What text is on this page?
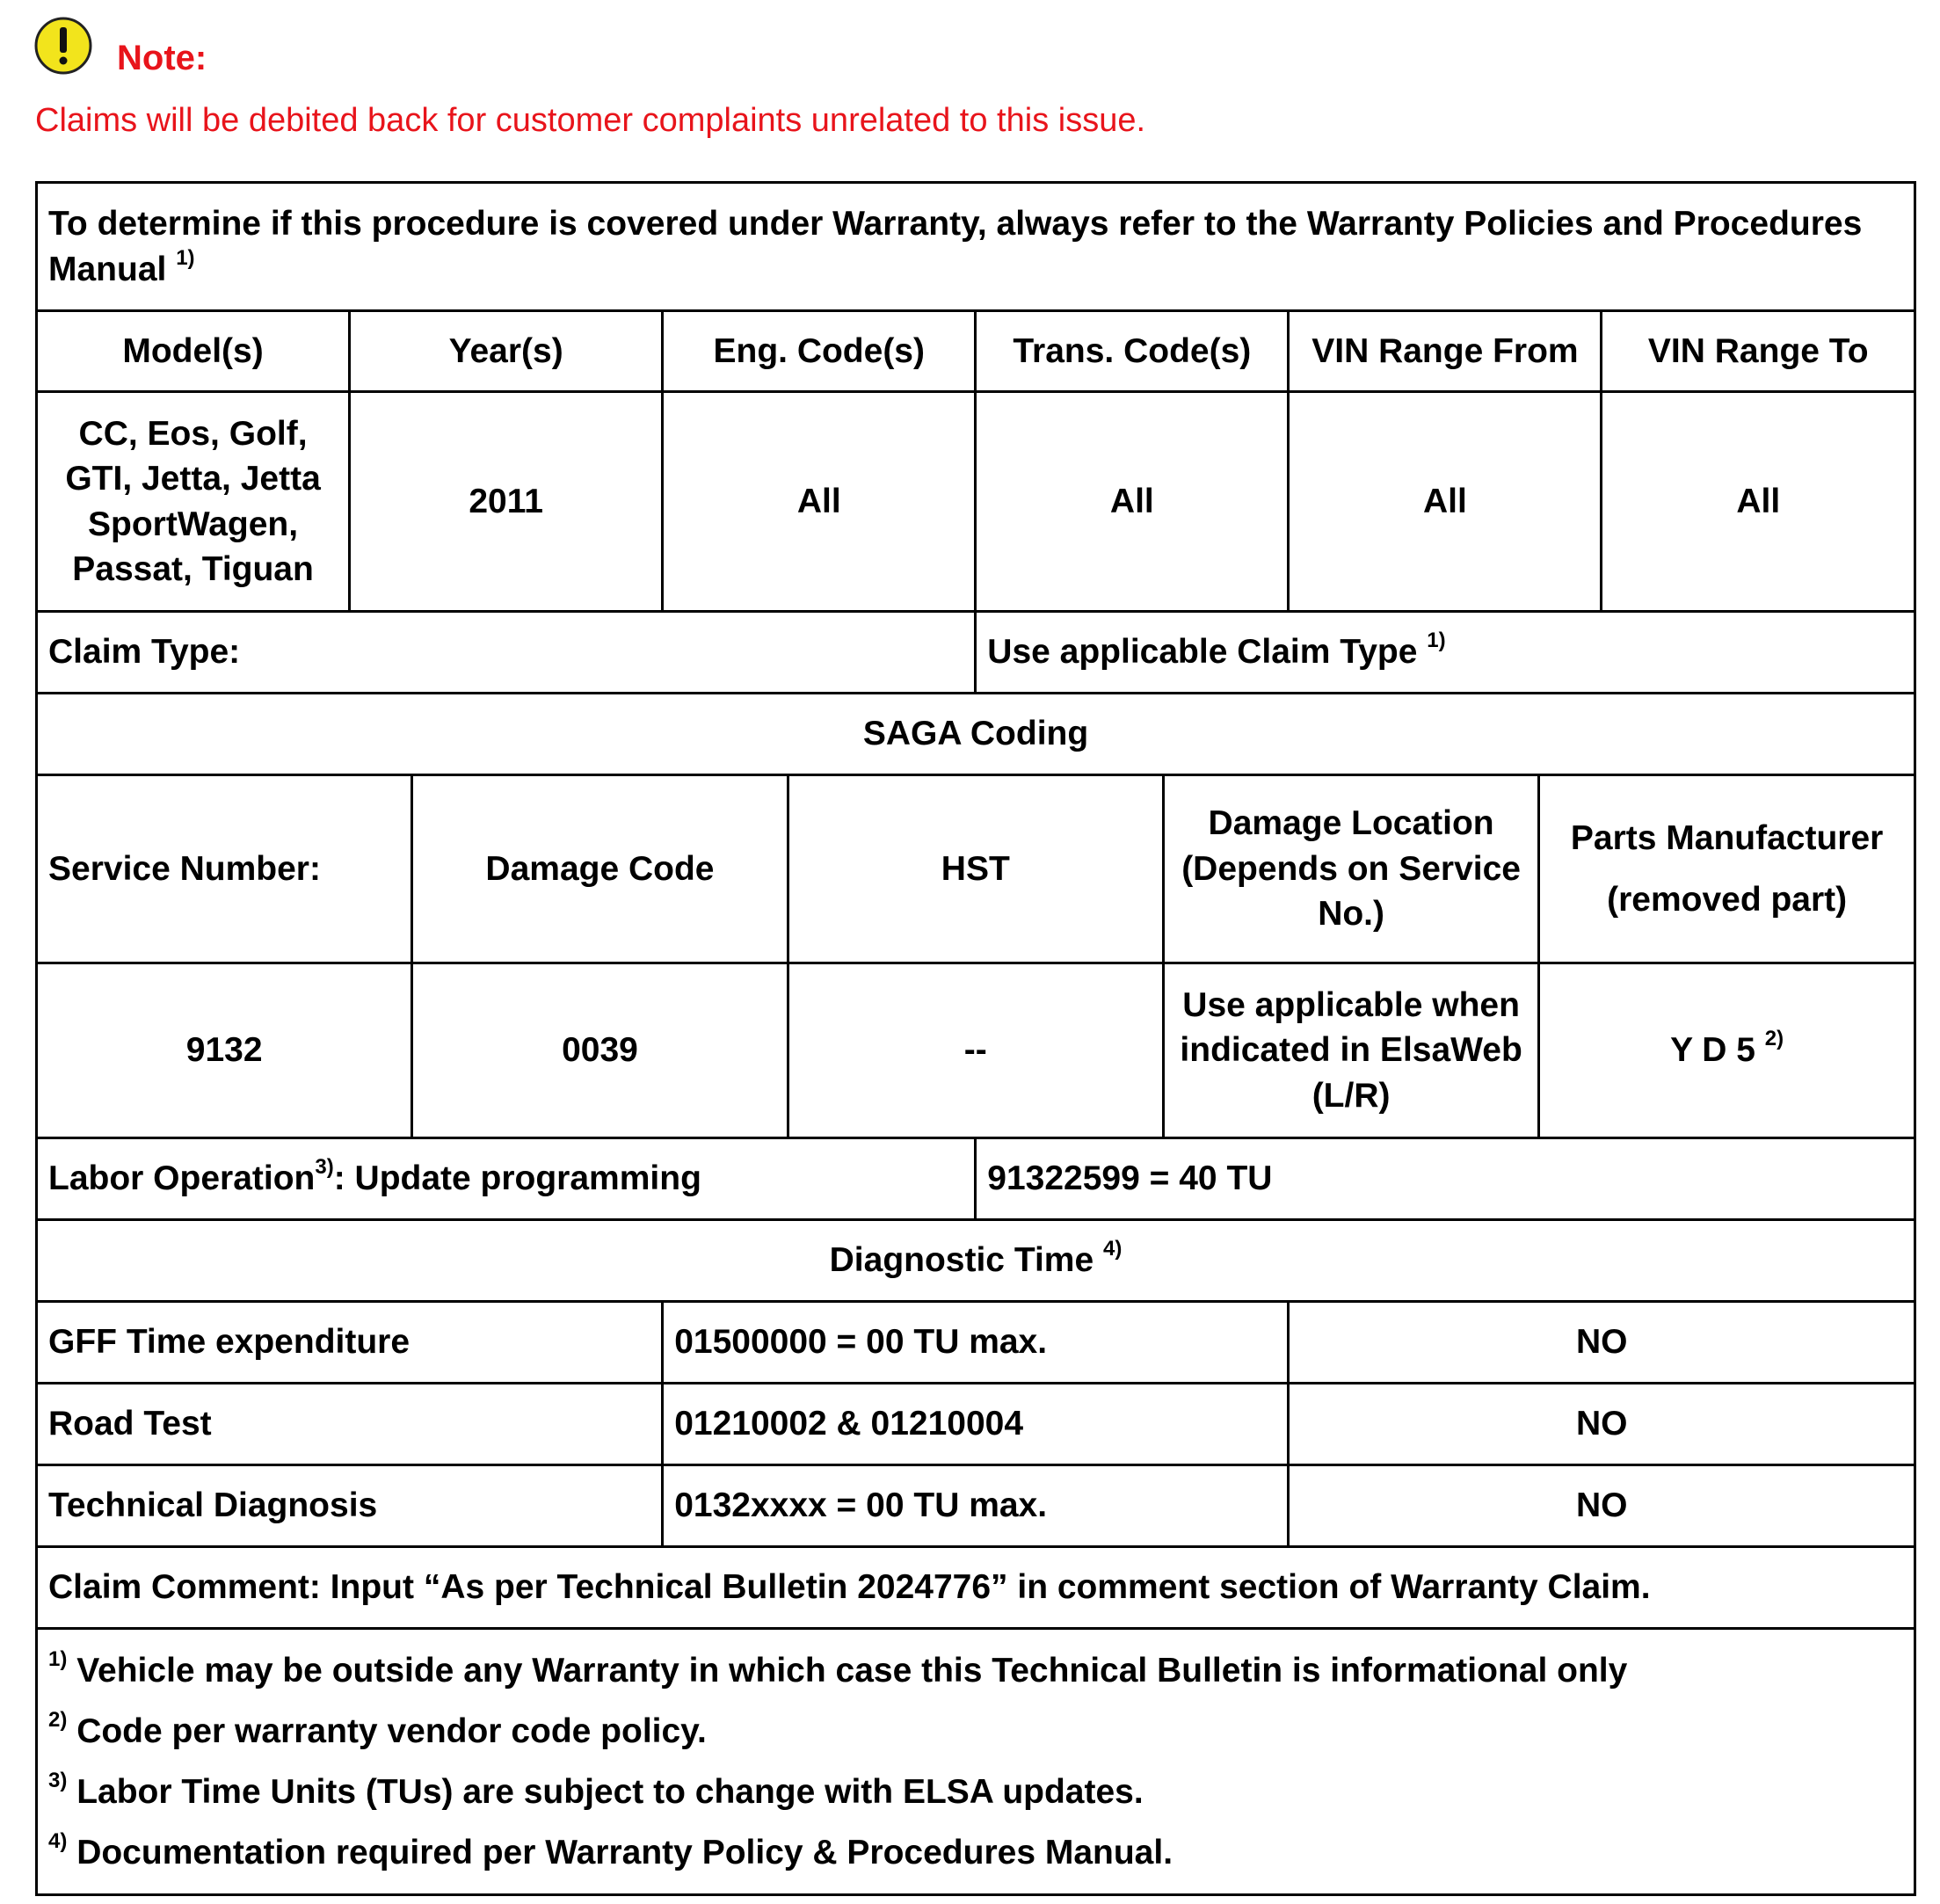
Note:
Claims will be debited back for customer complaints unrelated to this issue.
To determine if this procedure is covered under Warranty, always refer to the Warranty Policies and Procedures Manual $^{1)}$
Model(s)	Year(s)		Eng. Code(s)		Trans. Code(s)		VIN Range From		VIN Range To
CC, Eos, Golf, GTI, Jetta, Jetta SportWagen, Passat, Tiguan	2011		All		All		All		All
Claim Type:					Use applicable Claim Type $^{1)}$
SAGA Coding									
Service Number:		Damage Code		HST		Damage Location (Depends on Service No.)		Parts Manufacturer (removed part)	
9132		0039		--		Use applicable when indicated in ElsaWeb (L/R)		Y D 5 $^{2)}$
Labor Operation$^{3)}$: Update programming					91322599 = 40 TU				
Diagnostic Time $^{4)}$
GFF Time expenditure			01500000 = 00 TU max.				NO		
Road Test			01210002 & 01210004				NO		
Technical Diagnosis			0132xxxx = 00 TU max.				NO		
Claim Comment: Input “As per Technical Bulletin 2024776” in comment section of Warranty Claim.									

$^{1)}$ Vehicle may be outside any Warranty in which case this Technical Bulletin is informational only
$^{2)}$ Code per warranty vendor code policy.
$^{3)}$ Labor Time Units (TUs) are subject to change with ELSA updates.
$^{4)}$ Documentation required per Warranty Policy & Procedures Manual.									
